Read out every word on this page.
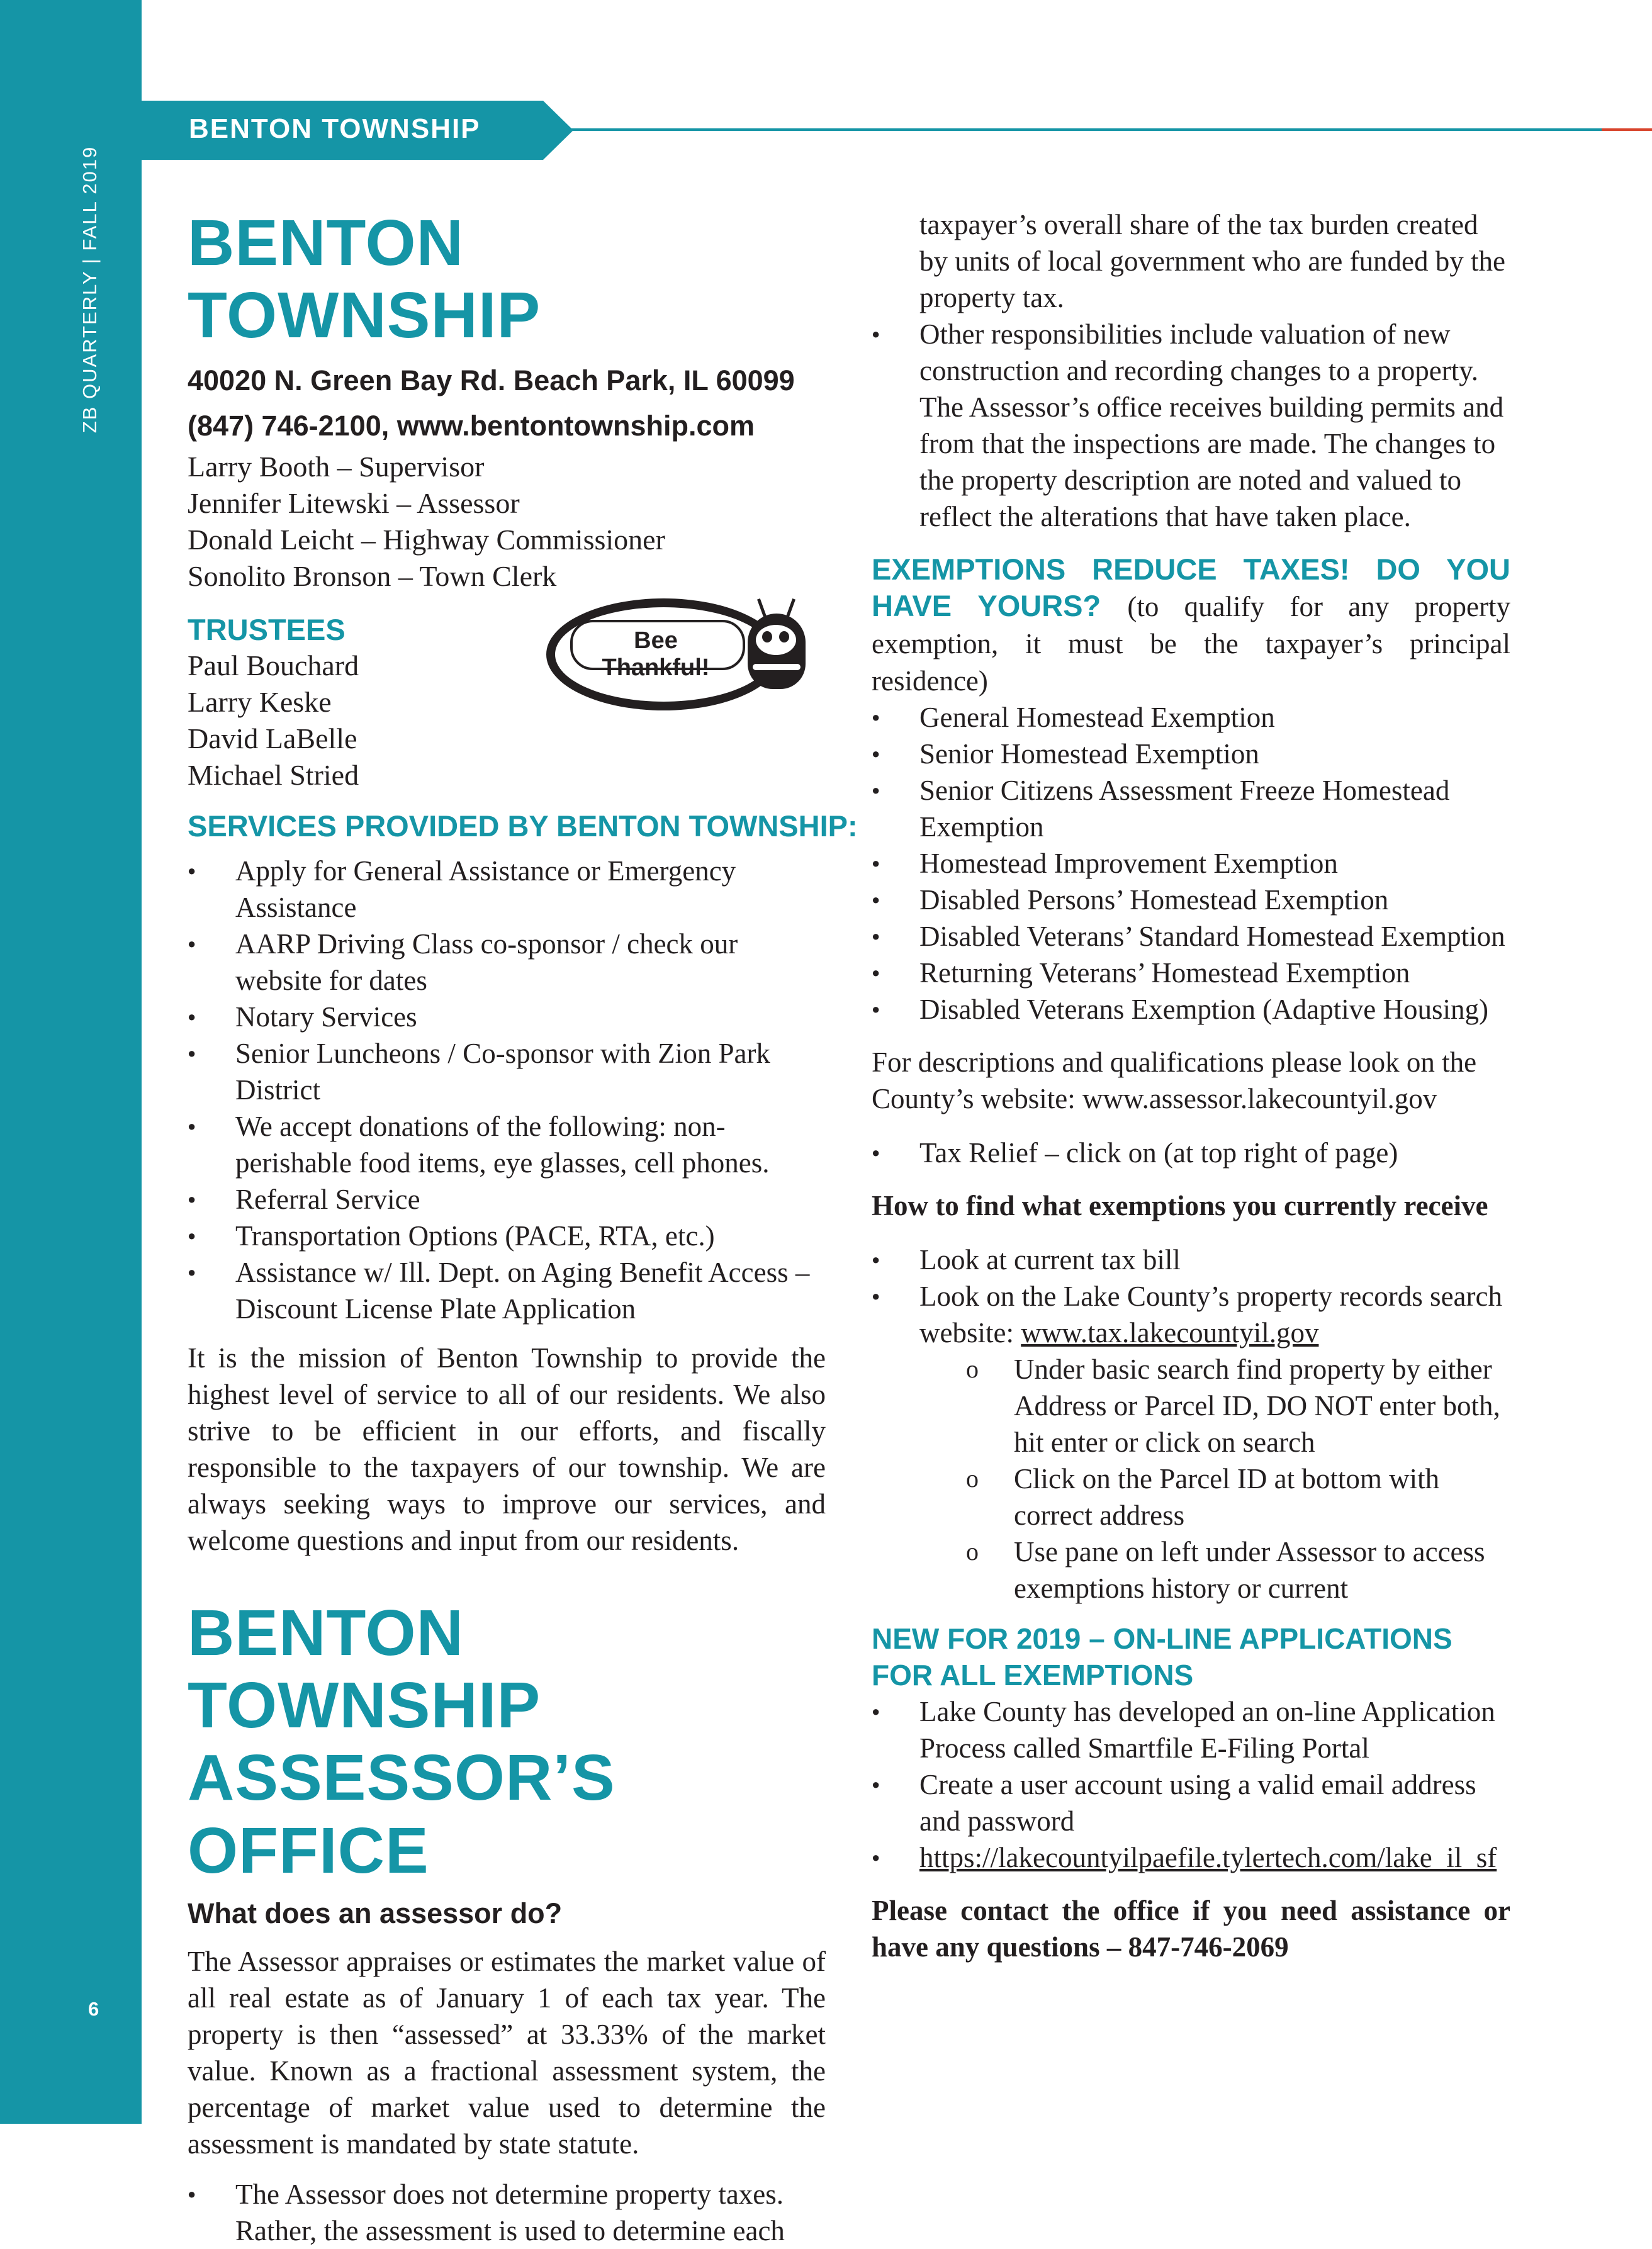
ZB QUARTERLY | FALL 2019
6
BENTON TOWNSHIP
BENTON TOWNSHIP

40020 N. Green Bay Rd. Beach Park, IL 60099

(847) 746-2100, www.bentontownship.com

Larry Booth – Supervisor

Jennifer Litewski – Assessor

Donald Leicht – Highway Commissioner

Sonolito Bronson – Town Clerk

TRUSTEES

Paul Bouchard

Larry Keske

David LaBelle

Michael Stried

SERVICES PROVIDED BY BENTON TOWNSHIP:

● Apply for General Assistance or Emergency Assistance
● AARP Driving Class co-sponsor / check our website for dates
● Notary Services
● Senior Luncheons / Co-sponsor with Zion Park District
● We accept donations of the following: non-perishable food items, eye glasses, cell phones.
● Referral Service
● Transportation Options (PACE, RTA, etc.)
● Assistance w/ Ill. Dept. on Aging Benefit Access – Discount License Plate Application

It is the mission of Benton Township to provide the highest level of service to all of our residents. We also strive to be efficient in our efforts, and fiscally responsible to the taxpayers of our township. We are always seeking ways to improve our services, and welcome questions and input from our residents.

BENTON TOWNSHIP
ASSESSOR’S OFFICE

What does an assessor do?

The Assessor appraises or estimates the market value of all real estate as of January 1 of each tax year. The property is then “assessed” at 33.33% of the market value. Known as a fractional assessment system, the percentage of market value used to determine the assessment is mandated by state statute.

● The Assessor does not determine property taxes. Rather, the assessment is used to determine each
Bee Thankful!
taxpayer’s overall share of the tax burden created by units of local government who are funded by the property tax.
● Other responsibilities include valuation of new construction and recording changes to a property. The Assessor’s office receives building permits and from that the inspections are made. The changes to the property description are noted and valued to reflect the alterations that have taken place.

EXEMPTIONS REDUCE TAXES! DO YOU HAVE YOURS? (to qualify for any property exemption, it must be the taxpayer’s principal residence)

● General Homestead Exemption
● Senior Homestead Exemption
● Senior Citizens Assessment Freeze Homestead Exemption
● Homestead Improvement Exemption
● Disabled Persons’ Homestead Exemption
● Disabled Veterans’ Standard Homestead Exemption
● Returning Veterans’ Homestead Exemption
● Disabled Veterans Exemption (Adaptive Housing)

For descriptions and qualifications please look on the County’s website: www.assessor.lakecountyil.gov

● Tax Relief – click on (at top right of page)

How to find what exemptions you currently receive

● Look at current tax bill
● Look on the Lake County’s property records search website: www.tax.lakecountyil.gov
o Under basic search find property by either Address or Parcel ID, DO NOT enter both, hit enter or click on search
o Click on the Parcel ID at bottom with correct address
o Use pane on left under Assessor to access exemptions history or current

NEW FOR 2019 – ON-LINE APPLICATIONS FOR ALL EXEMPTIONS

● Lake County has developed an on-line Application Process called Smartfile E-Filing Portal
● Create a user account using a valid email address and password
● https://lakecountyilpaefile.tylertech.com/lake_il_sf

Please contact the office if you need assistance or have any questions – 847-746-2069
